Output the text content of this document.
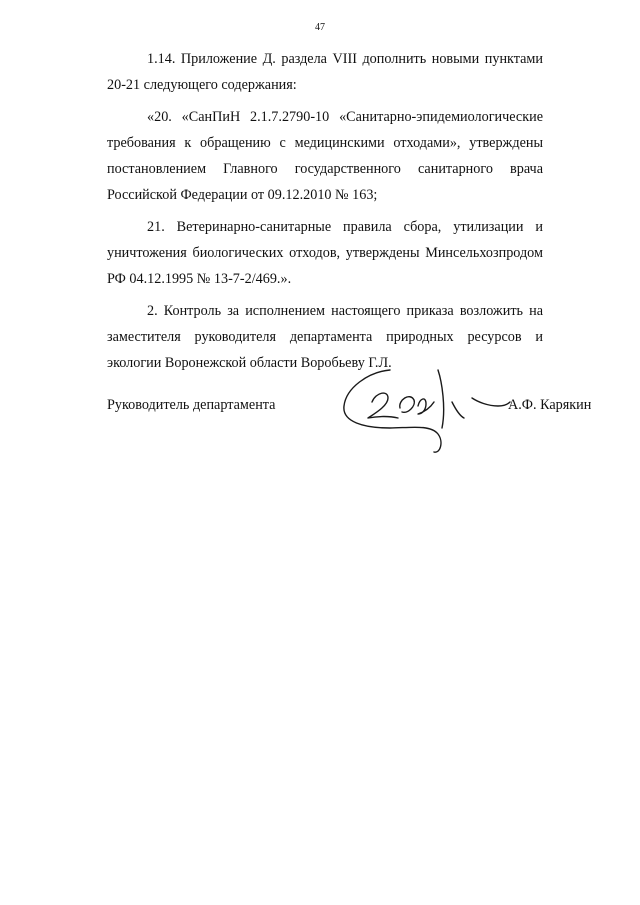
47

1.14. Приложение Д. раздела VIII дополнить новыми пунктами 20-21 следующего содержания:

«20. «СанПиН 2.1.7.2790-10 «Санитарно-эпидемиологические требования к обращению с медицинскими отходами», утверждены постановлением Главного государственного санитарного врача Российской Федерации от 09.12.2010 № 163;

21. Ветеринарно-санитарные правила сбора, утилизации и уничтожения биологических отходов, утверждены Минсельхозпродом РФ 04.12.1995 № 13-7-2/469.».

2. Контроль за исполнением настоящего приказа возложить на заместителя руководителя департамента природных ресурсов и экологии Воронежской области Воробьеву Г.Л.

Руководитель департамента	А.Ф. Карякин
